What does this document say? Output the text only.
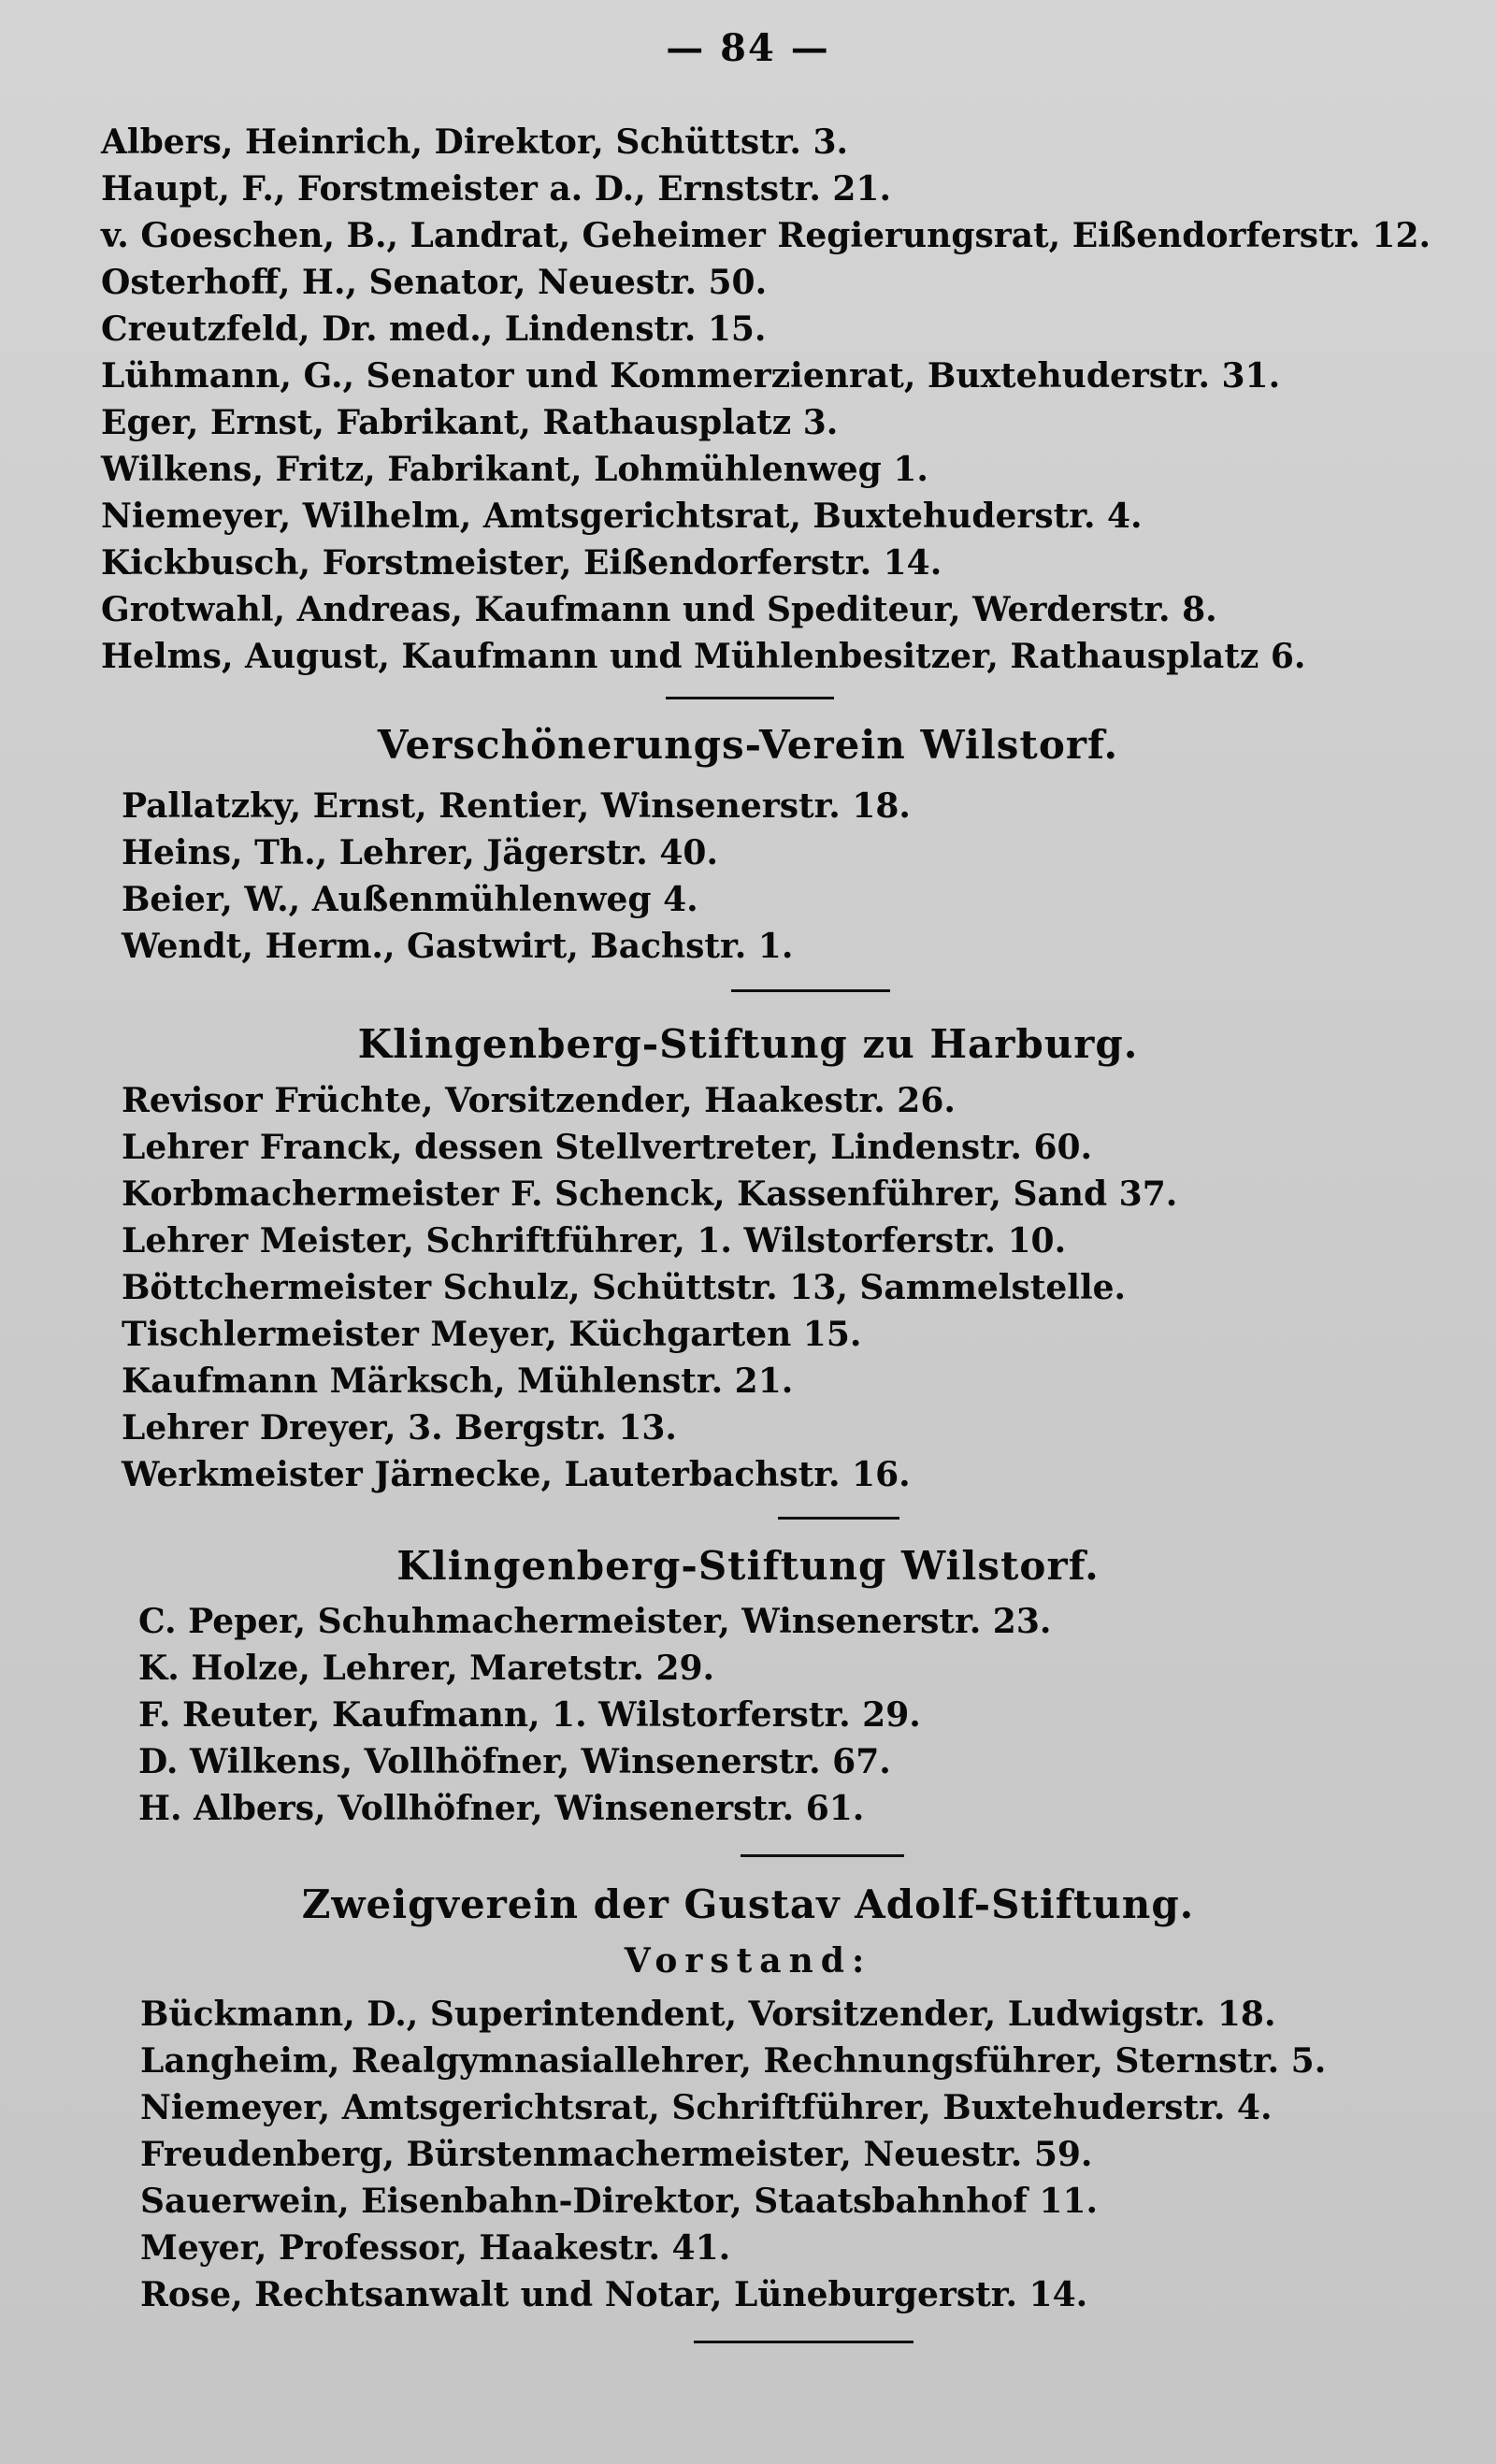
— 84 —
Albers, Heinrich, Direktor, Schüttstr. 3.
Haupt, F., Forstmeister a. D., Ernststr. 21.
v. Goeschen, B., Landrat, Geheimer Regierungsrat, Eißendorferstr. 12.
Osterhoff, H., Senator, Neuestr. 50.
Creutzfeld, Dr. med., Lindenstr. 15.
Lühmann, G., Senator und Kommerzienrat, Buxtehuderstr. 31.
Eger, Ernst, Fabrikant, Rathausplatz 3.
Wilkens, Fritz, Fabrikant, Lohmühlenweg 1.
Niemeyer, Wilhelm, Amtsgerichtsrat, Buxtehuderstr. 4.
Kickbusch, Forstmeister, Eißendorferstr. 14.
Grotwahl, Andreas, Kaufmann und Spediteur, Werderstr. 8.
Helms, August, Kaufmann und Mühlenbesitzer, Rathausplatz 6.
Verschönerungs-Verein Wilstorf.
Pallatzky, Ernst, Rentier, Winsenerstr. 18.
Heins, Th., Lehrer, Jägerstr. 40.
Beier, W., Außenmühlenweg 4.
Wendt, Herm., Gastwirt, Bachstr. 1.
Klingenberg-Stiftung zu Harburg.
Revisor Früchte, Vorsitzender, Haakestr. 26.
Lehrer Franck, dessen Stellvertreter, Lindenstr. 60.
Korbmachermeister F. Schenck, Kassenführer, Sand 37.
Lehrer Meister, Schriftführer, 1. Wilstorferstr. 10.
Böttchermeister Schulz, Schüttstr. 13, Sammelstelle.
Tischlermeister Meyer, Küchgarten 15.
Kaufmann Märksch, Mühlenstr. 21.
Lehrer Dreyer, 3. Bergstr. 13.
Werkmeister Järnecke, Lauterbachstr. 16.
Klingenberg-Stiftung Wilstorf.
C. Peper, Schuhmachermeister, Winsenerstr. 23.
K. Holze, Lehrer, Maretstr. 29.
F. Reuter, Kaufmann, 1. Wilstorferstr. 29.
D. Wilkens, Vollhöfner, Winsenerstr. 67.
H. Albers, Vollhöfner, Winsenerstr. 61.
Zweigverein der Gustav Adolf-Stiftung.
Vorstand:
Bückmann, D., Superintendent, Vorsitzender, Ludwigstr. 18.
Langheim, Realgymnasiallehrer, Rechnungsführer, Sternstr. 5.
Niemeyer, Amtsgerichtsrat, Schriftführer, Buxtehuderstr. 4.
Freudenberg, Bürstenmachermeister, Neuestr. 59.
Sauerwein, Eisenbahn-Direktor, Staatsbahnhof 11.
Meyer, Professor, Haakestr. 41.
Rose, Rechtsanwalt und Notar, Lüneburgerstr. 14.
